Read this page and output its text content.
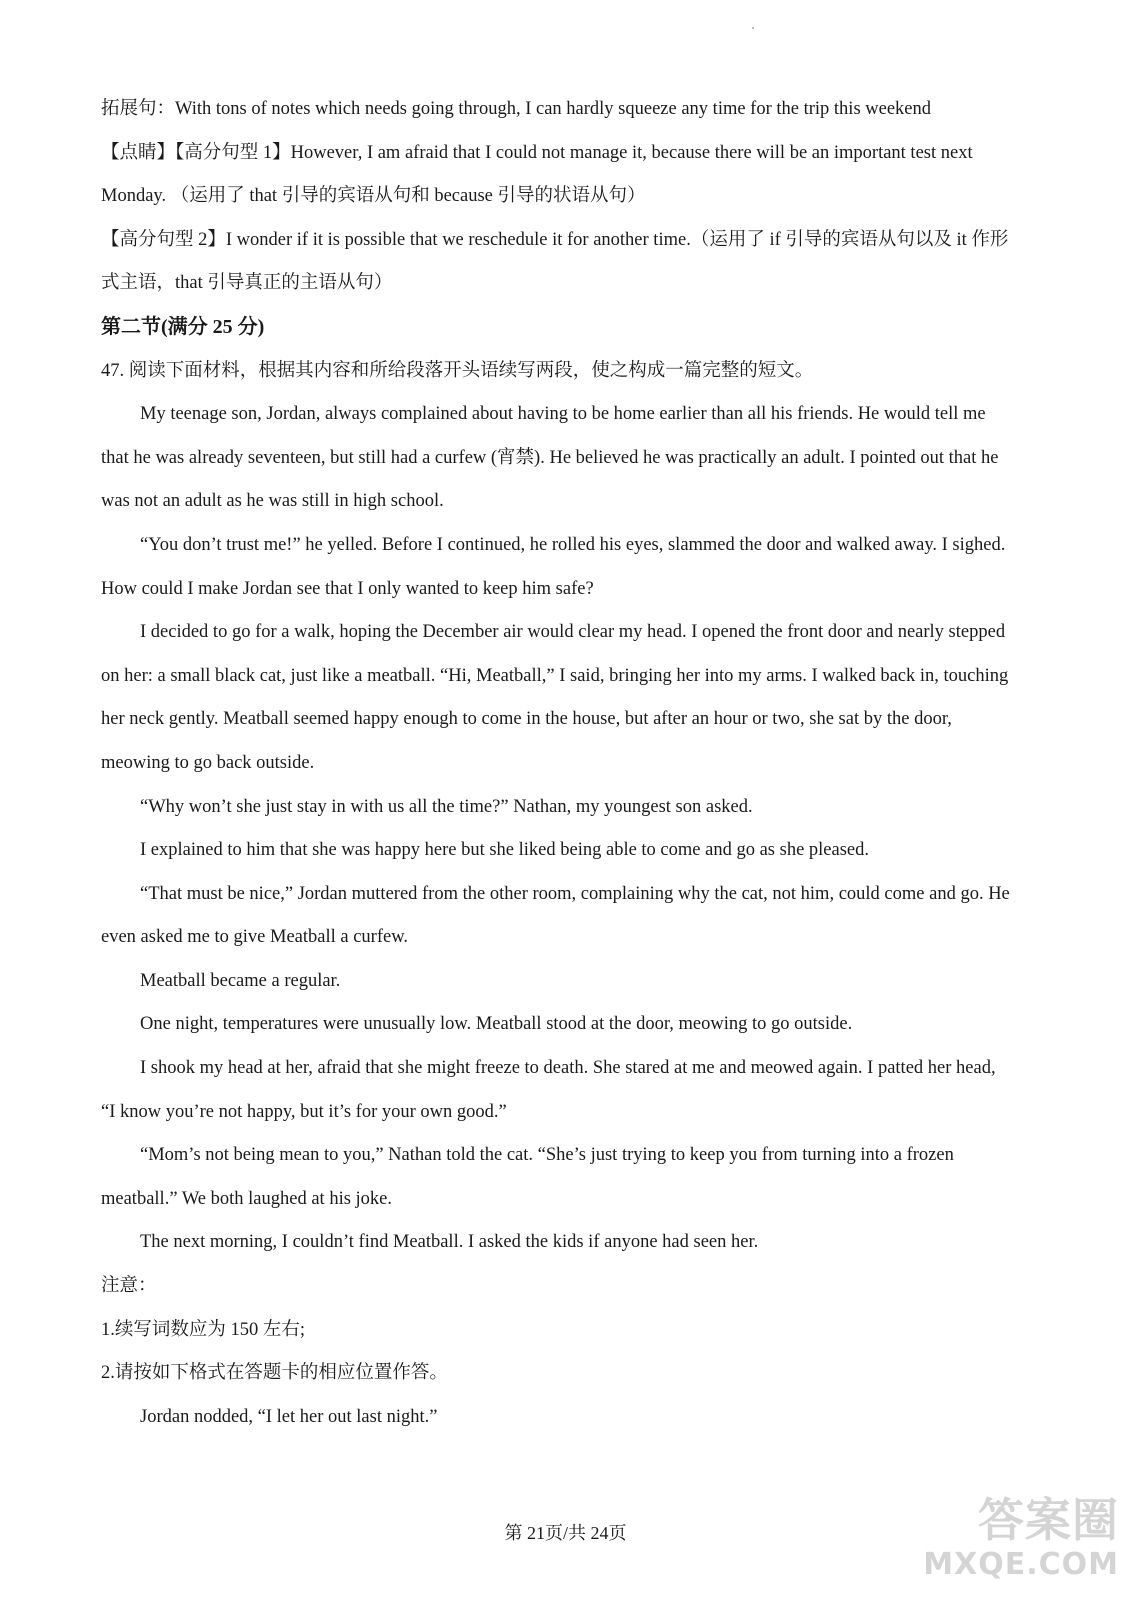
拓展句：With tons of notes which needs going through, I can hardly squeeze any time for the trip this weekend

【点睛】【高分句型 1】However, I am afraid that I could not manage it, because there will be an important test next Monday. （运用了 that 引导的宾语从句和 because 引导的状语从句）

【高分句型 2】I wonder if it is possible that we reschedule it for another time.（运用了 if 引导的宾语从句以及 it 作形式主语，that 引导真正的主语从句）

第二节(满分 25 分)

47. 阅读下面材料，根据其内容和所给段落开头语续写两段，使之构成一篇完整的短文。

My teenage son, Jordan, always complained about having to be home earlier than all his friends. He would tell me that he was already seventeen, but still had a curfew (宵禁). He believed he was practically an adult. I pointed out that he was not an adult as he was still in high school.

“You don’t trust me!” he yelled. Before I continued, he rolled his eyes, slammed the door and walked away. I sighed. How could I make Jordan see that I only wanted to keep him safe?

I decided to go for a walk, hoping the December air would clear my head. I opened the front door and nearly stepped on her: a small black cat, just like a meatball. “Hi, Meatball,” I said, bringing her into my arms. I walked back in, touching her neck gently. Meatball seemed happy enough to come in the house, but after an hour or two, she sat by the door, meowing to go back outside.

“Why won’t she just stay in with us all the time?” Nathan, my youngest son asked.

I explained to him that she was happy here but she liked being able to come and go as she pleased.

“That must be nice,” Jordan muttered from the other room, complaining why the cat, not him, could come and go. He even asked me to give Meatball a curfew.

Meatball became a regular.

One night, temperatures were unusually low. Meatball stood at the door, meowing to go outside.

I shook my head at her, afraid that she might freeze to death. She stared at me and meowed again. I patted her head, “I know you’re not happy, but it’s for your own good.”

“Mom’s not being mean to you,” Nathan told the cat. “She’s just trying to keep you from turning into a frozen meatball.” We both laughed at his joke.

The next morning, I couldn’t find Meatball. I asked the kids if anyone had seen her.

注意：

1.续写词数应为 150 左右;

2.请按如下格式在答题卡的相应位置作答。

Jordan nodded, “I let her out last night.”

第 21页/共 24页	答案圈
MXQE.COM
